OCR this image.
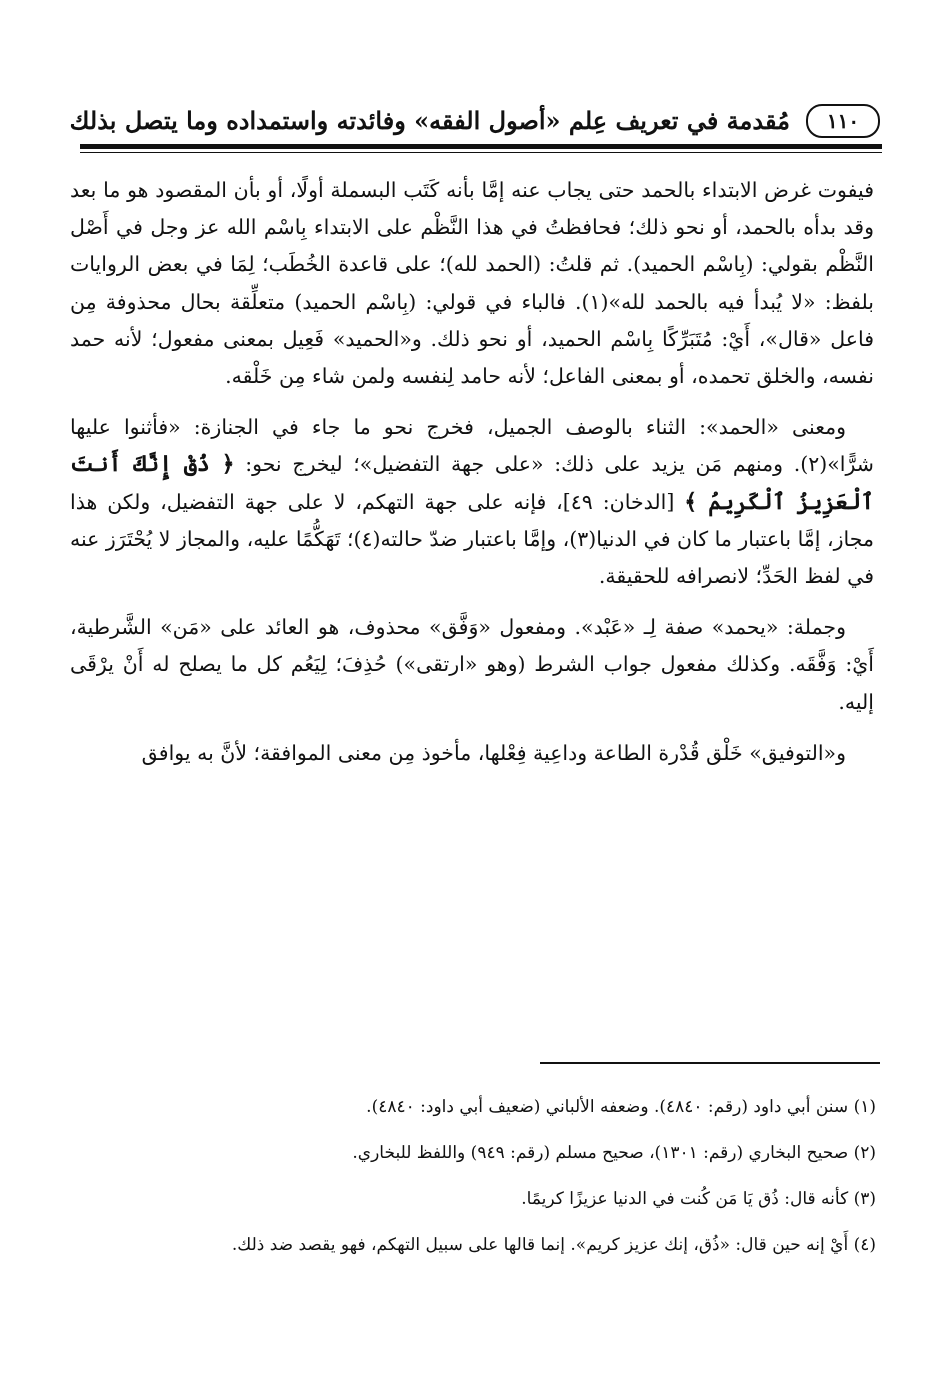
١١٠
مُقدمة في تعريف عِلم «أصول الفقه» وفائدته واستمداده وما يتصل بذلك

فيفوت غرض الابتداء بالحمد حتى يجاب عنه إمَّا بأنه كَتَب البسملة أولًا، أو بأن المقصود هو ما بعد وقد بدأه بالحمد، أو نحو ذلك؛ فحافظتُ في هذا النَّظْم على الابتداء بِاسْم الله عز وجل في أَصْل النَّظْم بقولي: (بِاسْم الحميد). ثم قلتُ: (الحمد لله)؛ على قاعدة الخُطَب؛ لِمَا في بعض الروايات بلفظ: «لا يُبدأ فيه بالحمد لله»(١). فالباء في قولي: (بِاسْم الحميد) متعلِّقة بحال محذوفة مِن فاعل «قال»، أَيْ: مُتَبَرِّكًا بِاسْم الحميد، أو نحو ذلك. و«الحميد» فَعِيل بمعنى مفعول؛ لأنه حمد نفسه، والخلق تحمده، أو بمعنى الفاعل؛ لأنه حامد لِنفسه ولمن شاء مِن خَلْقه.

ومعنى «الحمد»: الثناء بالوصف الجميل، فخرج نحو ما جاء في الجنازة: «فأثنوا عليها شرًّا»(٢). ومنهم مَن يزيد على ذلك: «على جهة التفضيل»؛ ليخرج نحو: ﴿ ذُقْ إِنَّكَ أَنتَ ٱلْعَزِيزُ ٱلْكَرِيمُ ﴾ [الدخان: ٤٩]، فإنه على جهة التهكم، لا على جهة التفضيل، ولكن هذا مجاز، إمَّا باعتبار ما كان في الدنيا(٣)، وإمَّا باعتبار ضدّ حالته(٤)؛ تَهَكُّمًا عليه، والمجاز لا يُحْتَرَز عنه في لفظ الحَدِّ؛ لانصرافه للحقيقة.

وجملة: «يحمد» صفة لِـ «عَبْد». ومفعول «وَفَّق» محذوف، هو العائد على «مَن» الشَّرطية، أَيْ: وَفَّقَه. وكذلك مفعول جواب الشرط (وهو «ارتقى») حُذِفَ؛ لِيَعُم كل ما يصلح له أَنْ يرْقَى إليه.

و«التوفيق» خَلْق قُدْرة الطاعة وداعِية فِعْلها، مأخوذ مِن معنى الموافقة؛ لأنَّ به يوافق

(١) سنن أبي داود (رقم: ٤٨٤٠). وضعفه الألباني (ضعيف أبي داود: ٤٨٤٠).
(٢) صحيح البخاري (رقم: ١٣٠١)، صحيح مسلم (رقم: ٩٤٩) واللفظ للبخاري.
(٣) كأنه قال: ذُق يَا مَن كُنت في الدنيا عزيزًا كريمًا.
(٤) أَيْ إنه حين قال: «ذُق، إنك عزيز كريم». إنما قالها على سبيل التهكم، فهو يقصد ضد ذلك.
